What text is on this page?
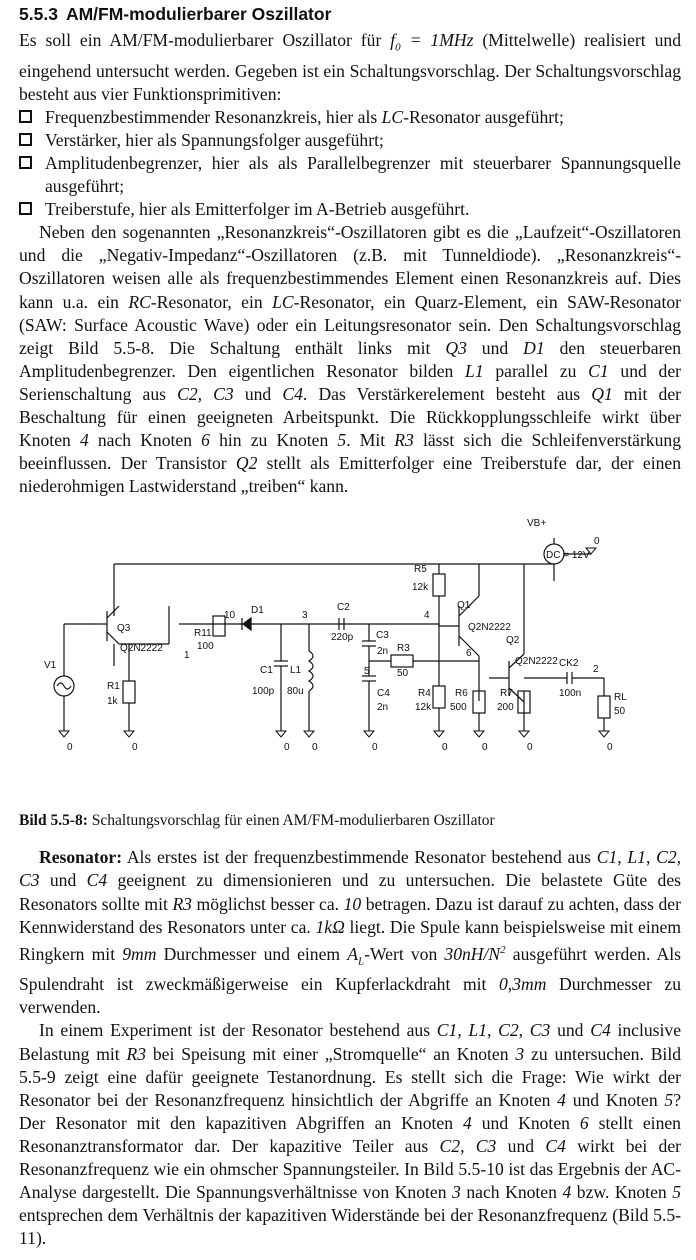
5.5.3 AM/FM-modulierbarer Oszillator

Es soll ein AM/FM-modulierbarer Oszillator für $f_0 = 1MHz$ (Mittelwelle) realisiert und eingehend untersucht werden. Gegeben ist ein Schaltungsvorschlag. Der Schaltungsvorschlag besteht aus vier Funktionsprimitiven:

Frequenzbestimmender Resonanzkreis, hier als LC-Resonator ausgeführt;
Verstärker, hier als Spannungsfolger ausgeführt;
Amplitudenbegrenzer, hier als als Parallelbegrenzer mit steuerbarer Spannungsquelle ausgeführt;
Treiberstufe, hier als Emitterfolger im A-Betrieb ausgeführt.

Neben den sogenannten „Resonanzkreis“-Oszillatoren gibt es die „Laufzeit“-Oszillatoren und die „Negativ-Impedanz“-Oszillatoren (z.B. mit Tunneldiode). „Resonanzkreis“-Oszillatoren weisen alle als frequenzbestimmendes Element einen Resonanzkreis auf. Dies kann u.a. ein RC-Resonator, ein LC-Resonator, ein Quarz-Element, ein SAW-Resonator (SAW: Surface Acoustic Wave) oder ein Leitungsresonator sein. Den Schaltungsvorschlag zeigt Bild 5.5-8. Die Schaltung enthält links mit Q3 und D1 den steuerbaren Amplitudenbegrenzer. Den eigentlichen Resonator bilden L1 parallel zu C1 und der Serienschaltung aus C2, C3 und C4. Das Verstärkerelement besteht aus Q1 mit der Beschaltung für einen geeigneten Arbeitspunkt. Die Rückkopplungsschleife wirkt über Knoten 4 nach Knoten 6 hin zu Knoten 5. Mit R3 lässt sich die Schleifenverstärkung beeinflussen. Der Transistor Q2 stellt als Emitterfolger eine Treiberstufe dar, der einen niederohmigen Lastwiderstand „treiben“ kann.

VB+
DC = 12V
R5
12k
Q1
Q2N2222
Q2
Q2N2222
Q3
Q2N2222
D1	C2
220p C3
2n R3
50
R11
100
V1
R1
1k
C1
100p
L1
80u	C4
2n
R4
12k
R6
500
R7
200
CK2
100n	RL
50
10	3	4
5
6
1
2
0	0	0 0	0	0	0	0	0
0

Bild 5.5-8: Schaltungsvorschlag für einen AM/FM-modulierbaren Oszillator

Resonator: Als erstes ist der frequenzbestimmende Resonator bestehend aus C1, L1, C2, C3 und C4 geeignent zu dimensionieren und zu untersuchen. Die belastete Güte des Resonators sollte mit R3 möglichst besser ca. 10 betragen. Dazu ist darauf zu achten, dass der Kennwiderstand des Resonators unter ca. 1kΩ liegt. Die Spule kann beispielsweise mit einem Ringkern mit 9mm Durchmesser und einem $A_L$-Wert von $30nH/N^2$ ausgeführt werden. Als Spulendraht ist zweckmäßigerweise ein Kupferlackdraht mit 0,3mm Durchmesser zu verwenden.

In einem Experiment ist der Resonator bestehend aus C1, L1, C2, C3 und C4 inclusive Belastung mit R3 bei Speisung mit einer „Stromquelle“ an Knoten 3 zu untersuchen. Bild 5.5-9 zeigt eine dafür geeignete Testanordnung. Es stellt sich die Frage: Wie wirkt der Resonator bei der Resonanzfrequenz hinsichtlich der Abgriffe an Knoten 4 und Knoten 5? Der Resonator mit den kapazitiven Abgriffen an Knoten 4 und Knoten 6 stellt einen Resonanztransformator dar. Der kapazitive Teiler aus C2, C3 und C4 wirkt bei der Resonanzfrequenz wie ein ohmscher Spannungsteiler. In Bild 5.5-10 ist das Ergebnis der AC-Analyse dargestellt. Die Spannungsverhältnisse von Knoten 3 nach Knoten 4 bzw. Knoten 5 entsprechen dem Verhältnis der kapazitiven Widerstände bei der Resonanzfrequenz (Bild 5.5-11).
